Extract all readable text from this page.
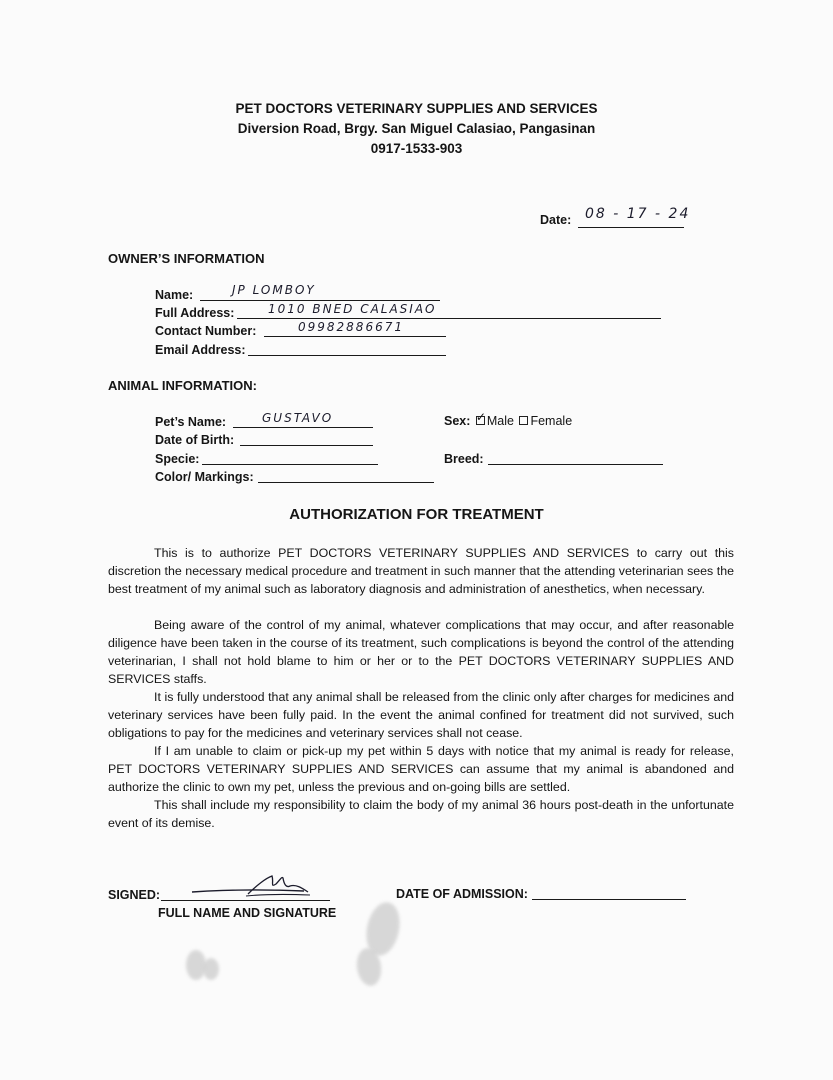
PET DOCTORS VETERINARY SUPPLIES AND SERVICES
Diversion Road, Brgy. San Miguel Calasiao, Pangasinan
0917-1533-903
Date: 08 - 17 - 24
OWNER’S INFORMATION
Name:	JP LOMBOY
Full Address:	1010 BNED CALASIAO
Contact Number:	09982886671
Email Address:
ANIMAL INFORMATION:
Pet’s Name:	GUSTAVO	Sex: ✓ Male Female
Date of Birth:
Specie:	Breed:
Color/ Markings:
AUTHORIZATION FOR TREATMENT

This is to authorize PET DOCTORS VETERINARY SUPPLIES AND SERVICES to carry out this discretion the necessary medical procedure and treatment in such manner that the attending veterinarian sees the best treatment of my animal such as laboratory diagnosis and administration of anesthetics, when necessary.

Being aware of the control of my animal, whatever complications that may occur, and after reasonable diligence have been taken in the course of its treatment, such complications is beyond the control of the attending veterinarian, I shall not hold blame to him or her or to the PET DOCTORS VETERINARY SUPPLIES AND SERVICES staffs.

It is fully understood that any animal shall be released from the clinic only after charges for medicines and veterinary services have been fully paid. In the event the animal confined for treatment did not survived, such obligations to pay for the medicines and veterinary services shall not cease.

If I am unable to claim or pick-up my pet within 5 days with notice that my animal is ready for release, PET DOCTORS VETERINARY SUPPLIES AND SERVICES can assume that my animal is abandoned and authorize the clinic to own my pet, unless the previous and on-going bills are settled.

This shall include my responsibility to claim the body of my animal 36 hours post-death in the unfortunate event of its demise.

SIGNED:
FULL NAME AND SIGNATURE
DATE OF ADMISSION:
